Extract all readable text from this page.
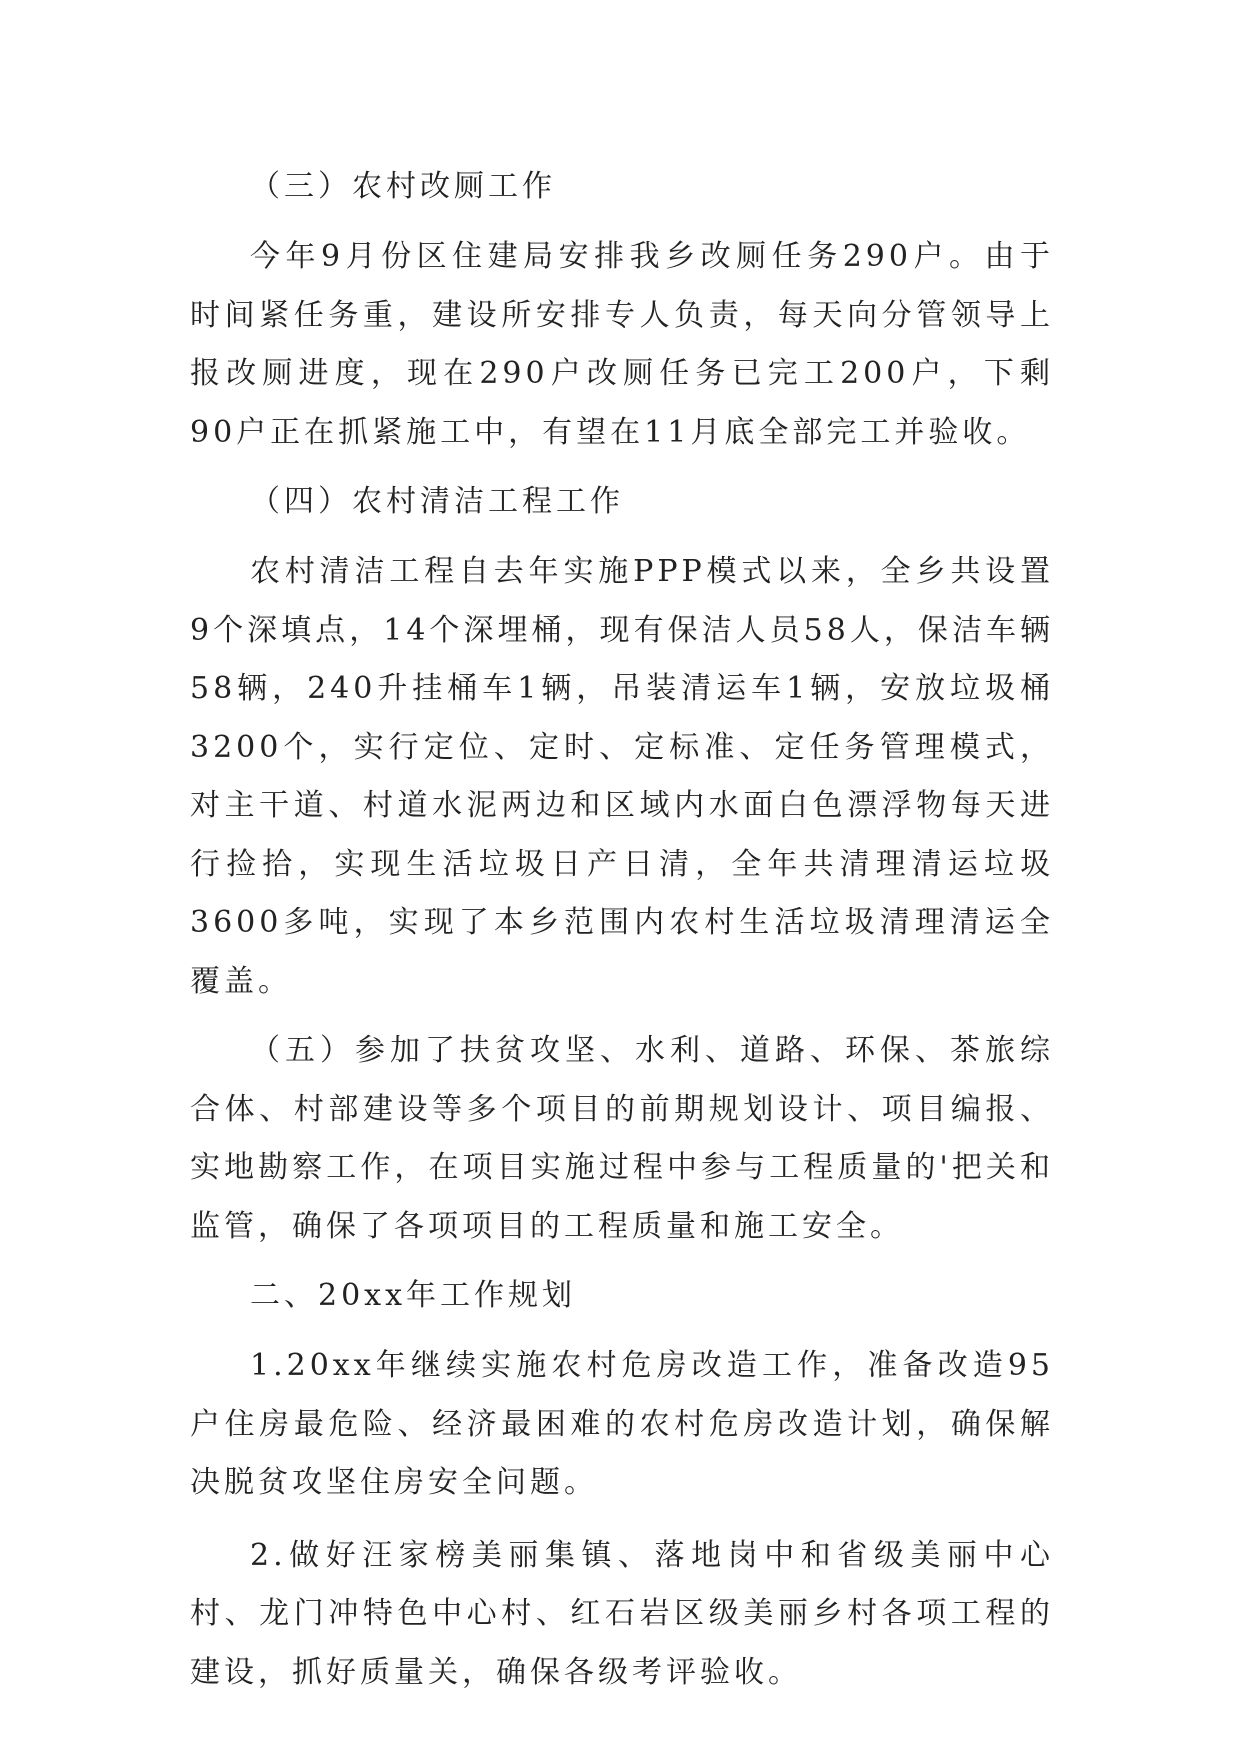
（三）农村改厕工作

今年9月份区住建局安排我乡改厕任务290户。由于时间紧任务重，建设所安排专人负责，每天向分管领导上报改厕进度，现在290户改厕任务已完工200户，下剩90户正在抓紧施工中，有望在11月底全部完工并验收。

（四）农村清洁工程工作

农村清洁工程自去年实施PPP模式以来，全乡共设置9个深填点，14个深埋桶，现有保洁人员58人，保洁车辆58辆，240升挂桶车1辆，吊装清运车1辆，安放垃圾桶3200个，实行定位、定时、定标准、定任务管理模式，对主干道、村道水泥两边和区域内水面白色漂浮物每天进行捡拾，实现生活垃圾日产日清，全年共清理清运垃圾3600多吨，实现了本乡范围内农村生活垃圾清理清运全覆盖。

（五）参加了扶贫攻坚、水利、道路、环保、茶旅综合体、村部建设等多个项目的前期规划设计、项目编报、实地勘察工作，在项目实施过程中参与工程质量的'把关和监管，确保了各项项目的工程质量和施工安全。

二、20xx年工作规划

1.20xx年继续实施农村危房改造工作，准备改造95户住房最危险、经济最困难的农村危房改造计划，确保解决脱贫攻坚住房安全问题。

2.做好汪家榜美丽集镇、落地岗中和省级美丽中心村、龙门冲特色中心村、红石岩区级美丽乡村各项工程的建设，抓好质量关，确保各级考评验收。
